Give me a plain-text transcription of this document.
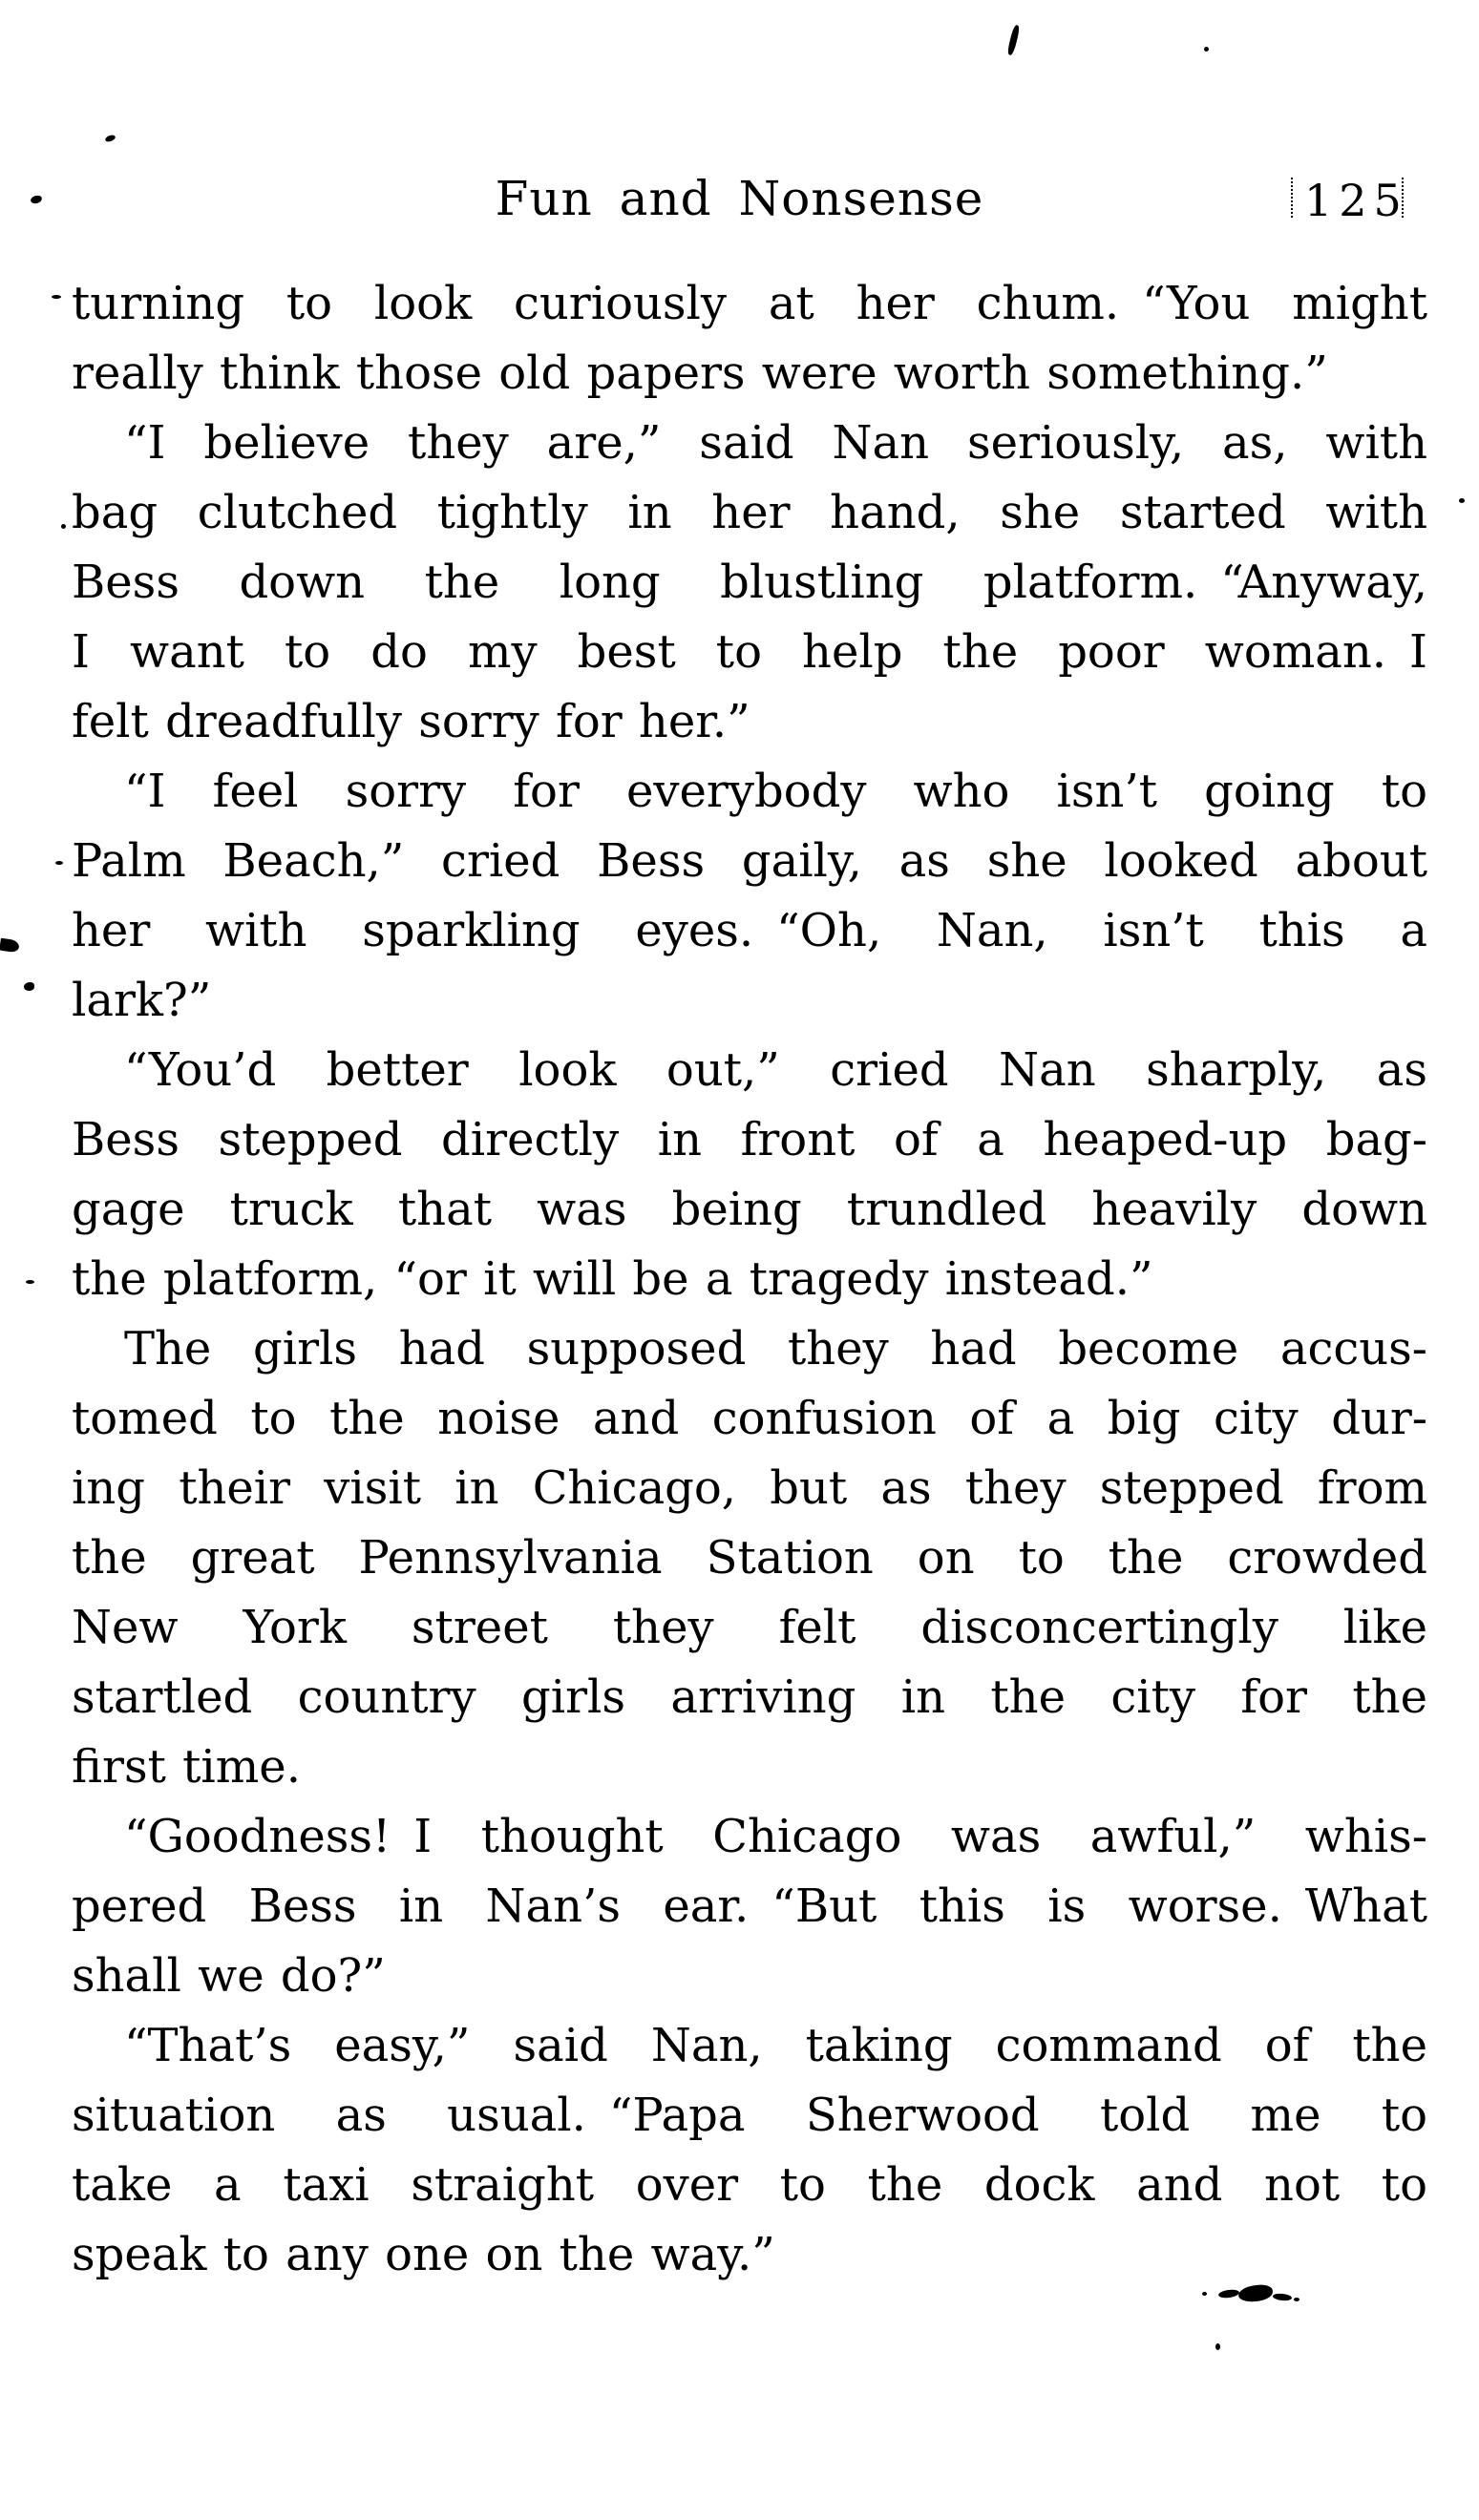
Fun and Nonsense	125
turning to look curiously at her chum. “You might
really think those old papers were worth something.”
“I believe they are,” said Nan seriously, as, with
bag clutched tightly in her hand, she started with
Bess down the long blustling platform. “Anyway,
I want to do my best to help the poor woman. I
felt dreadfully sorry for her.”
“I feel sorry for everybody who isn’t going to
Palm Beach,” cried Bess gaily, as she looked about
her with sparkling eyes. “Oh, Nan, isn’t this a
lark?”
“You’d better look out,” cried Nan sharply, as
Bess stepped directly in front of a heaped-up bag-
gage truck that was being trundled heavily down
the platform, “or it will be a tragedy instead.”
The girls had supposed they had become accus-
tomed to the noise and confusion of a big city dur-
ing their visit in Chicago, but as they stepped from
the great Pennsylvania Station on to the crowded
New York street they felt disconcertingly like
startled country girls arriving in the city for the
first time.
“Goodness! I thought Chicago was awful,” whis-
pered Bess in Nan’s ear. “But this is worse. What
shall we do?”
“That’s easy,” said Nan, taking command of the
situation as usual. “Papa Sherwood told me to
take a taxi straight over to the dock and not to
speak to any one on the way.”
